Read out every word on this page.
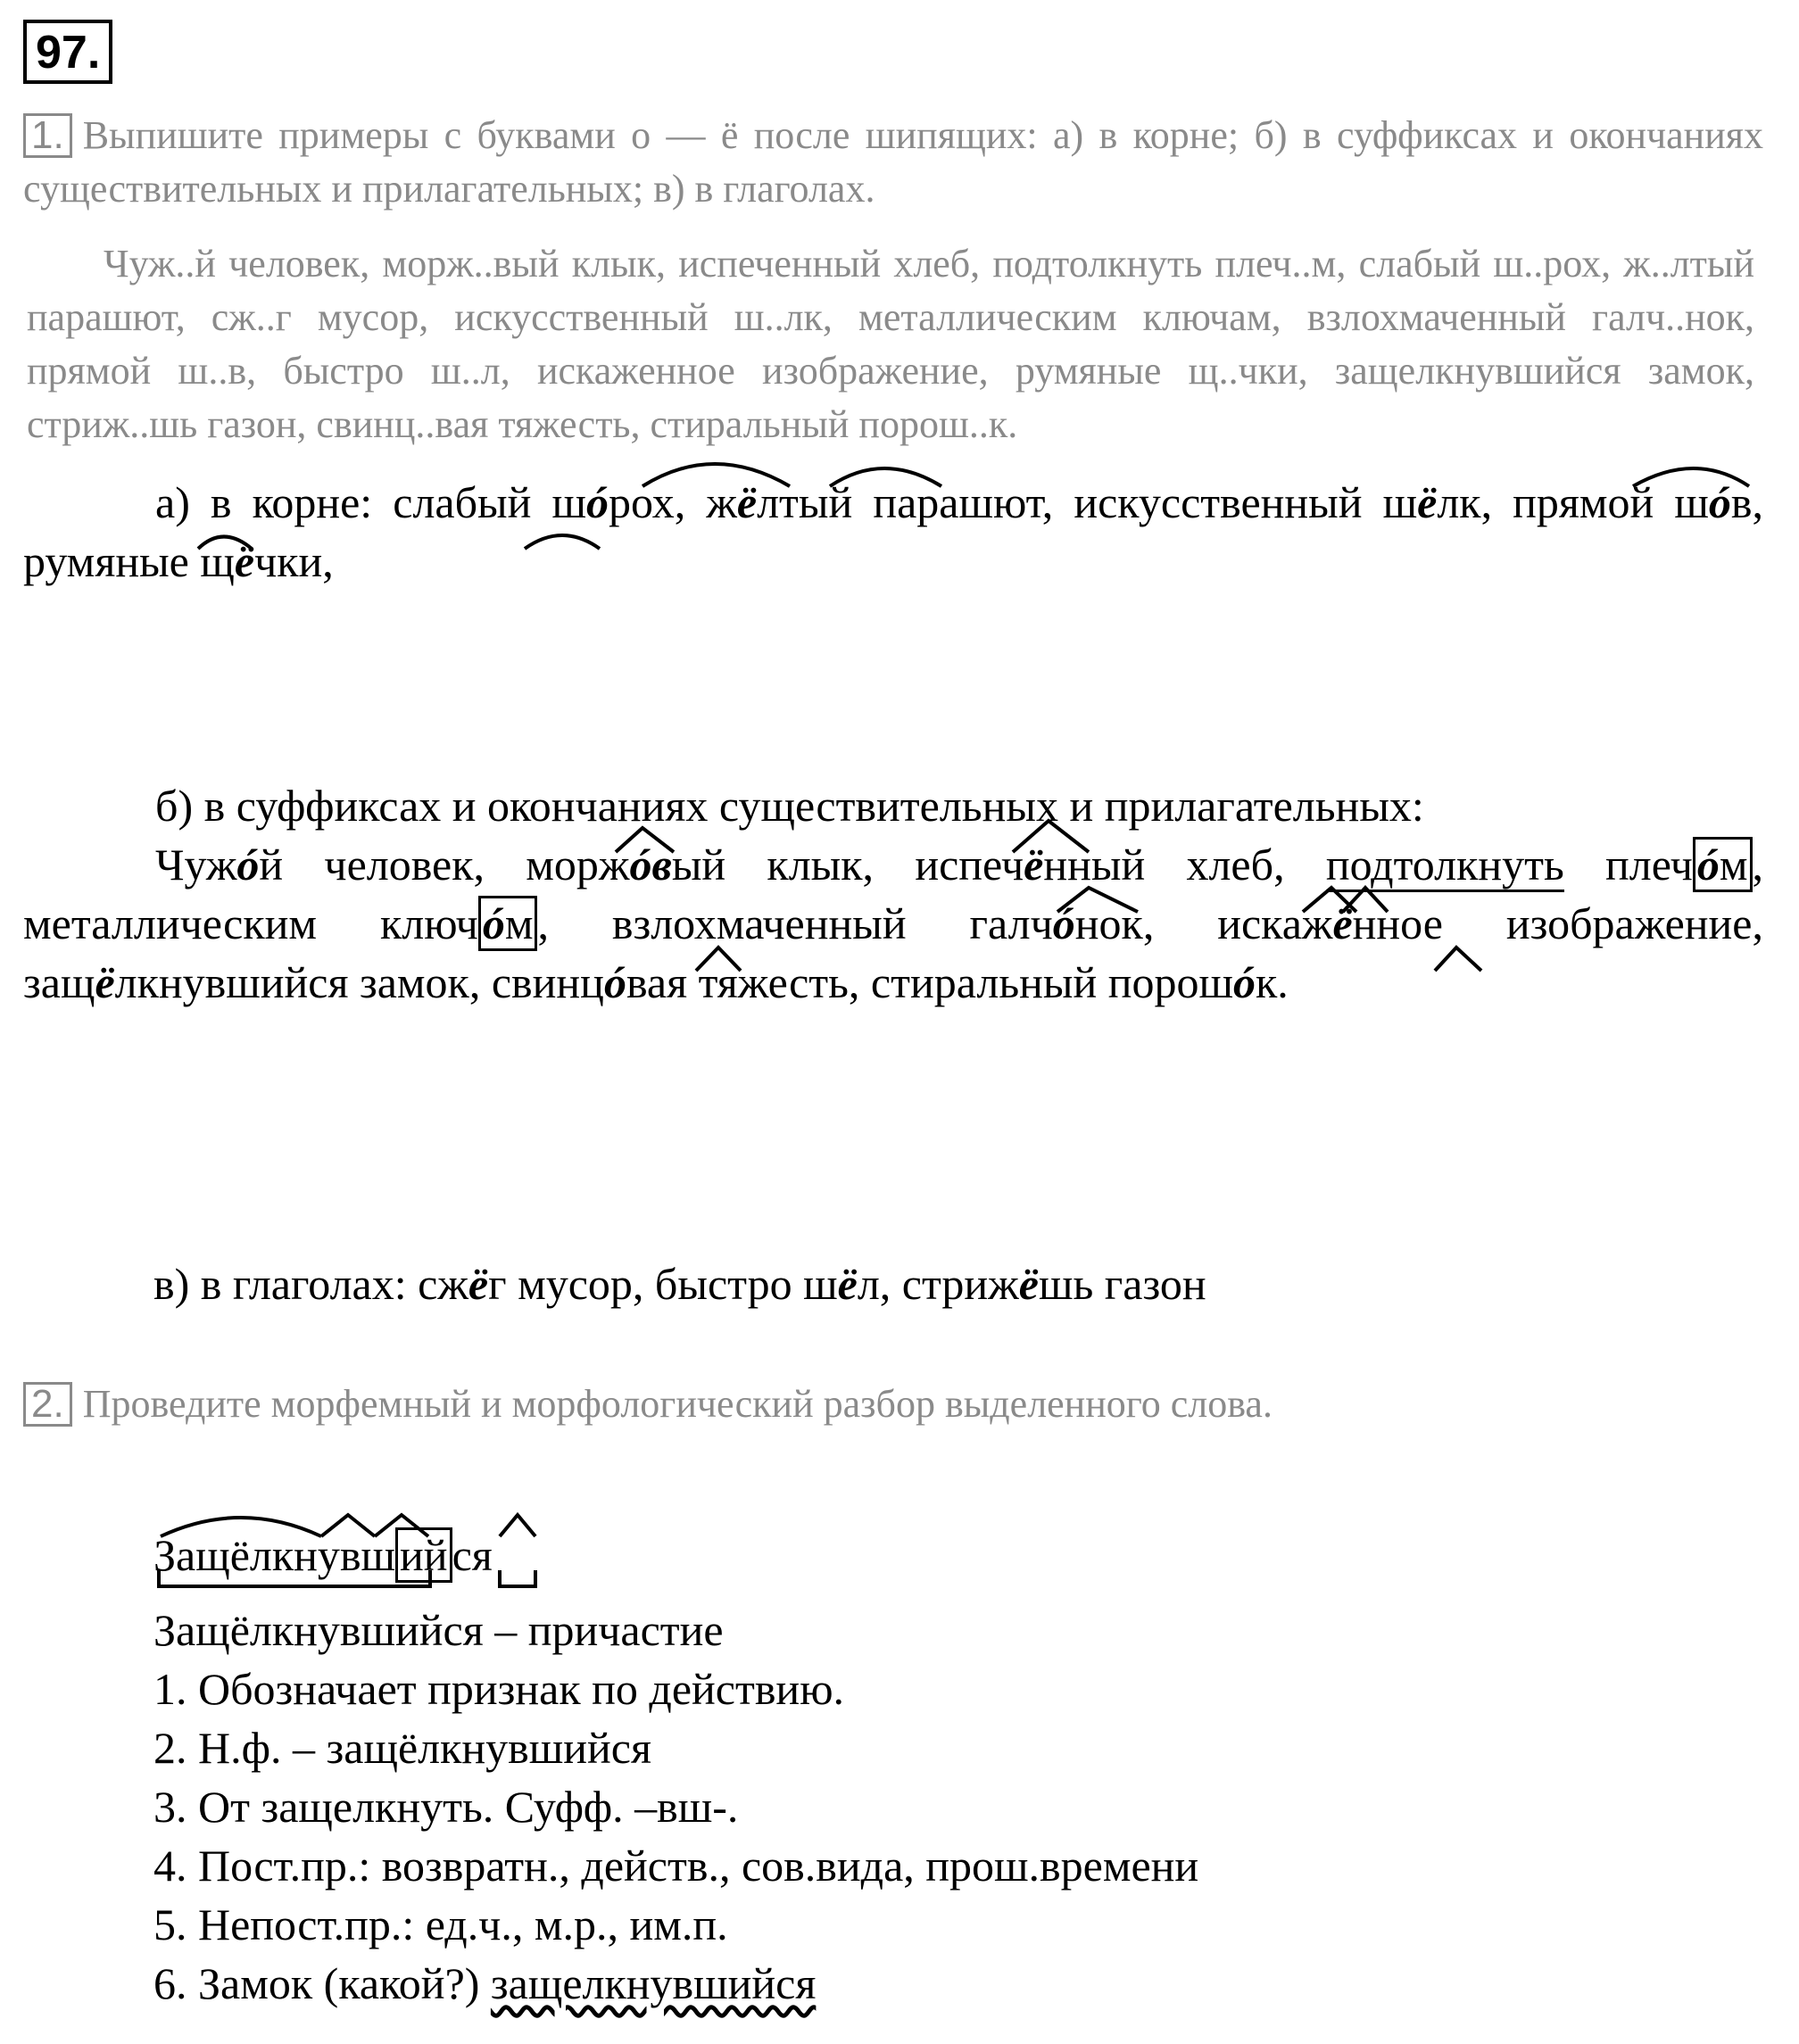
97.
1. Выпишите примеры с буквами о — ё после шипящих: а) в корне; б) в суффиксах и окончаниях существительных и прилагательных; в) в глаголах.
Чуж..й человек, морж..вый клык, испеченный хлеб, подтолкнуть плеч..м, слабый ш..рох, ж..лтый парашют, сж..г мусор, искусственный ш..лк, металлическим ключам, взлохмаченный галч..нок, прямой ш..в, быстро ш..л, искаженное изображение, румяные щ..чки, защелкнувшийся замок, стриж..шь газон, свинц..вая тяжесть, стиральный порош..к.

а) в корне: слабый шóрох, жёлтый парашют, искусственный шёлк, прямой шóв, румяные щёчки,

б) в суффиксах и окончаниях существительных и прилагательных:

Чужóй человек, моржóвый клык, испечённый хлеб, подтолкнуть плеч óм , металлическим ключ óм , взлохмаченный галчóнок, искажённое изображение, защёлкнувшийся замок, свинцóвая тяжесть, стиральный порошóк.

в) в глаголах: сжёг мусор, быстро шёл, стрижёшь газон
2. Проведите морфемный и морфологический разбор выделенного слова.
Защёлкнувш ий ся
Защёлкнувшийся – причастие
1. Обозначает признак по действию.
2. Н.ф. – защёлкнувшийся
3. От защелкнуть. Суфф. –вш-.
4. Пост.пр.: возвратн., действ., сов.вида, прош.времени
5. Непост.пр.: ед.ч., м.р., им.п.
6. Замок (какой?) защелкнувшийся
